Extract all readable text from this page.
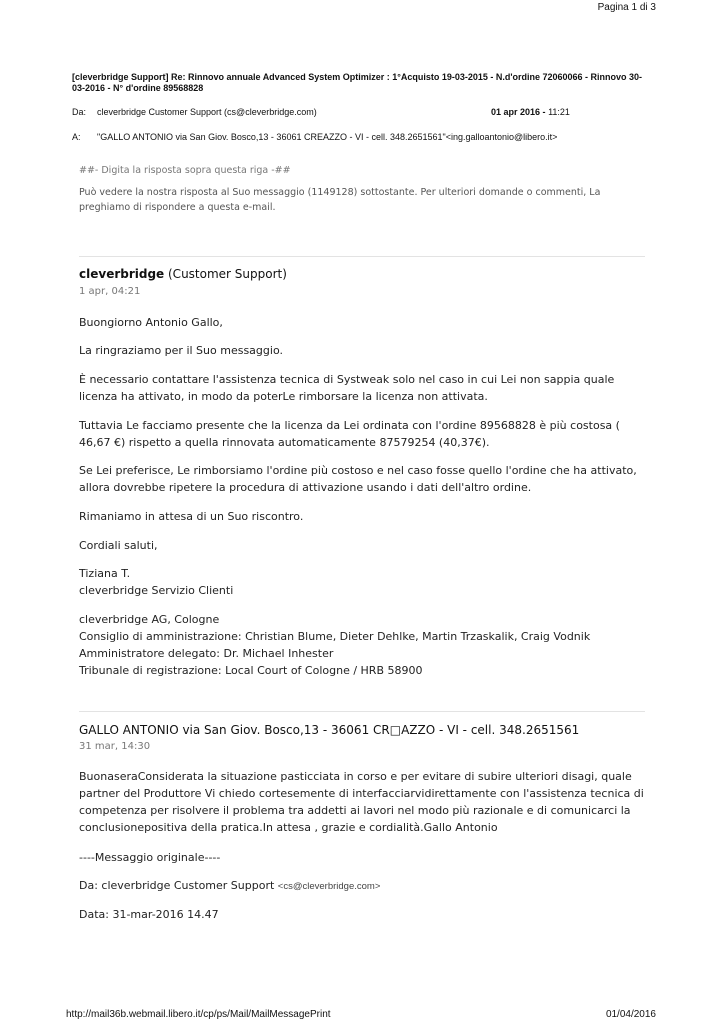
Pagina 1 di 3
[cleverbridge Support] Re: Rinnovo annuale Advanced System Optimizer : 1°Acquisto 19-03-2015 - N.d'ordine 72060066 - Rinnovo 30-03-2016 - N° d'ordine 89568828
Da: cleverbridge Customer Support (cs@cleverbridge.com)	01 apr 2016 - 11:21
A: "GALLO ANTONIO via San Giov. Bosco,13 - 36061 CREAZZO - VI - cell. 348.2651561"<ing.galloantonio@libero.it>
##- Digita la risposta sopra questa riga -##
Può vedere la nostra risposta al Suo messaggio (1149128) sottostante. Per ulteriori domande o commenti, La preghiamo di rispondere a questa e-mail.
cleverbridge (Customer Support)
1 apr, 04:21
Buongiorno Antonio Gallo,
La ringraziamo per il Suo messaggio.
È necessario contattare l'assistenza tecnica di Systweak solo nel caso in cui Lei non sappia quale licenza ha attivato, in modo da poterLe rimborsare la licenza non attivata.
Tuttavia Le facciamo presente che la licenza da Lei ordinata con l'ordine 89568828 è più costosa ( 46,67 €) rispetto a quella rinnovata automaticamente 87579254 (40,37€).
Se Lei preferisce, Le rimborsiamo l'ordine più costoso e nel caso fosse quello l'ordine che ha attivato, allora dovrebbe ripetere la procedura di attivazione usando i dati dell'altro ordine.
Rimaniamo in attesa di un Suo riscontro.
Cordiali saluti,
Tiziana T.
cleverbridge Servizio Clienti
cleverbridge AG, Cologne
Consiglio di amministrazione: Christian Blume, Dieter Dehlke, Martin Trzaskalik, Craig Vodnik
Amministratore delegato: Dr. Michael Inhester
Tribunale di registrazione: Local Court of Cologne / HRB 58900
GALLO ANTONIO via San Giov. Bosco,13 - 36061 CR□AZZO - VI - cell. 348.2651561
31 mar, 14:30
BuonaseraConsiderata la situazione pasticciata in corso e per evitare di subire ulteriori disagi, quale partner del Produttore Vi chiedo cortesemente di interfacciarvidirettamente con l'assistenza tecnica di competenza per risolvere il problema tra addetti ai lavori nel modo più razionale e di comunicarci la conclusionepositiva della pratica.In attesa , grazie e cordialità.Gallo Antonio
----Messaggio originale----
Da: cleverbridge Customer Support <cs@cleverbridge.com>
Data: 31-mar-2016 14.47
http://mail36b.webmail.libero.it/cp/ps/Mail/MailMessagePrint	01/04/2016
